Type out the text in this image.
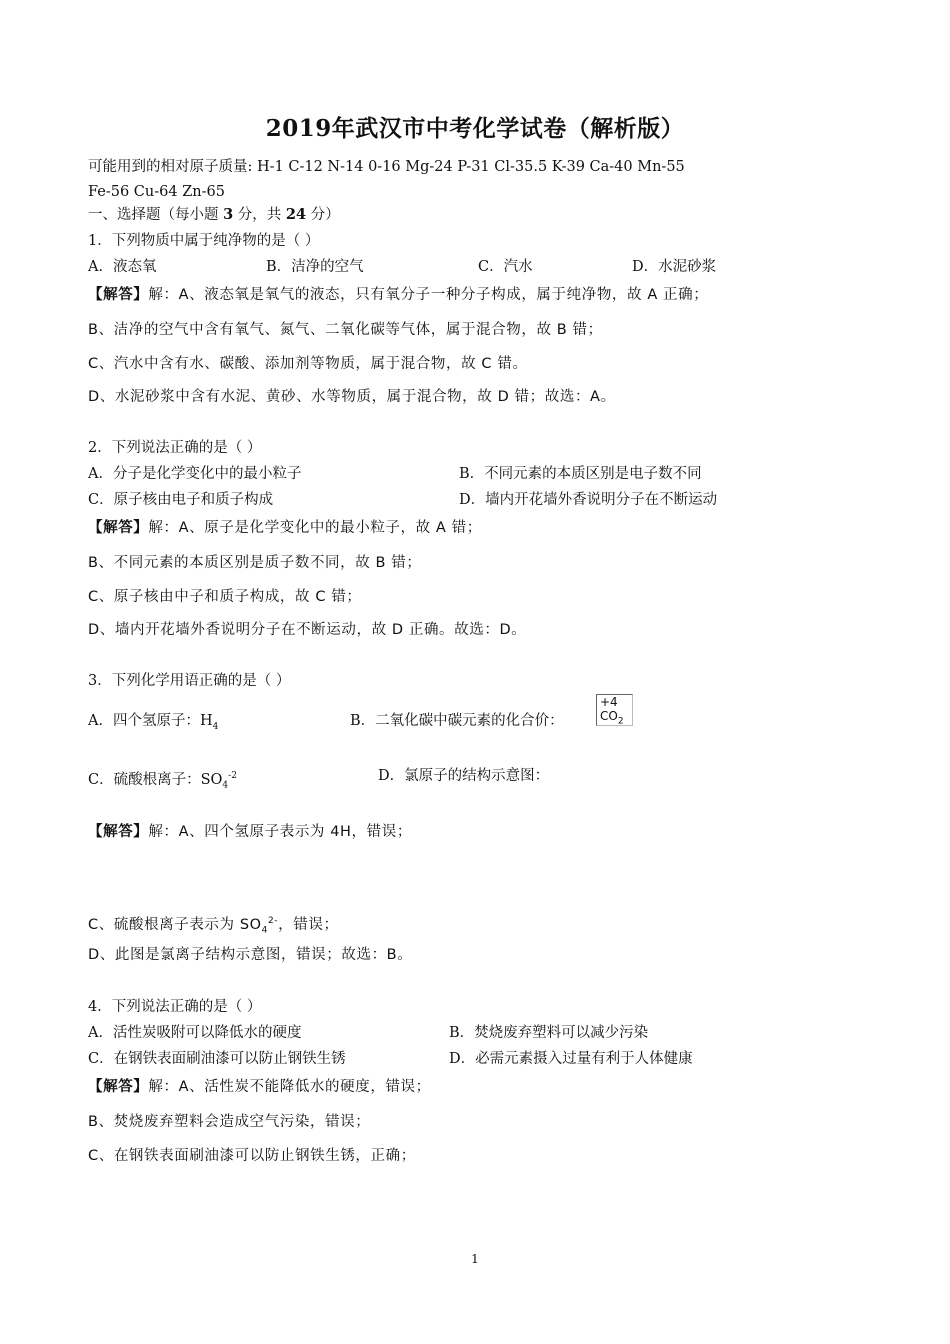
2019年武汉市中考化学试卷（解析版）
可能用到的相对原子质量: H-1 C-12 N-14 0-16 Mg-24 P-31 Cl-35.5 K-39 Ca-40 Mn-55
Fe-56 Cu-64 Zn-65
一、选择题（每小题 3 分，共 24 分）
1．下列物质中属于纯净物的是（ ）
A．液态氧	B．洁净的空气	C．汽水	D．水泥砂浆
【解答】解：A、液态氧是氧气的液态，只有氧分子一种分子构成，属于纯净物，故 A 正确；
B、洁净的空气中含有氧气、氮气、二氧化碳等气体，属于混合物，故 B 错；
C、汽水中含有水、碳酸、添加剂等物质，属于混合物，故 C 错。
D、水泥砂浆中含有水泥、黄砂、水等物质，属于混合物，故 D 错；故选：A。
2．下列说法正确的是（ ）
A．分子是化学变化中的最小粒子	B．不同元素的本质区别是电子数不同
C．原子核由电子和质子构成	D．墙内开花墙外香说明分子在不断运动
【解答】解：A、原子是化学变化中的最小粒子，故 A 错；
B、不同元素的本质区别是质子数不同，故 B 错；
C、原子核由中子和质子构成，故 C 错；
D、墙内开花墙外香说明分子在不断运动，故 D 正确。故选：D。
3．下列化学用语正确的是（ ）
A．四个氢原子：$H_4$	B．二氧化碳中碳元素的化合价：
+4
$CO_2$
C．硫酸根离子：$SO_4^{-2}$	D．氯原子的结构示意图：
【解答】解：A、四个氢原子表示为 4H，错误；
C、硫酸根离子表示为 $SO_4^{2-}$，错误；
D、此图是氯离子结构示意图，错误；故选：B。
4．下列说法正确的是（ ）
A．活性炭吸附可以降低水的硬度	B．焚烧废弃塑料可以减少污染
C．在钢铁表面刷油漆可以防止钢铁生锈	D．必需元素摄入过量有利于人体健康
【解答】解：A、活性炭不能降低水的硬度，错误；
B、焚烧废弃塑料会造成空气污染，错误；
C、在钢铁表面刷油漆可以防止钢铁生锈，正确；
1
